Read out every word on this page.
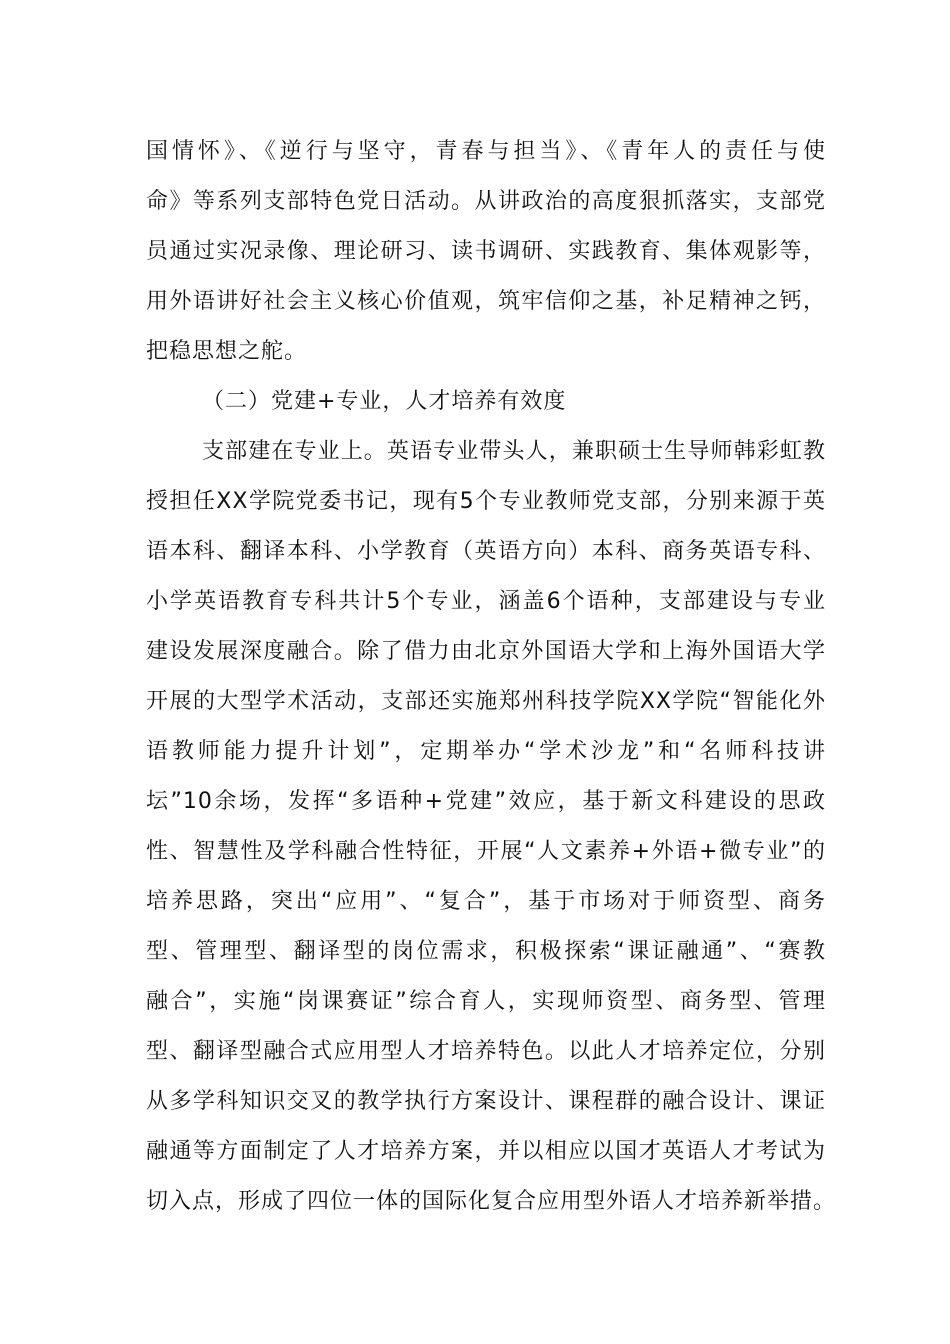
国情怀》、《逆行与坚守，青春与担当》、《青年人的责任与使
命》等系列支部特色党日活动。从讲政治的高度狠抓落实，支部党
员通过实况录像、理论研习、读书调研、实践教育、集体观影等，
用外语讲好社会主义核心价值观，筑牢信仰之基，补足精神之钙，
把稳思想之舵。
（二）党建+专业，人才培养有效度
支部建在专业上。英语专业带头人，兼职硕士生导师韩彩虹教
授担任XX学院党委书记，现有5个专业教师党支部，分别来源于英
语本科、翻译本科、小学教育（英语方向）本科、商务英语专科、
小学英语教育专科共计5个专业，涵盖6个语种，支部建设与专业
建设发展深度融合。除了借力由北京外国语大学和上海外国语大学
开展的大型学术活动，支部还实施郑州科技学院XX学院“智能化外
语教师能力提升计划”，定期举办“学术沙龙”和“名师科技讲
坛”10余场，发挥“多语种+党建”效应，基于新文科建设的思政
性、智慧性及学科融合性特征，开展“人文素养+外语+微专业”的
培养思路，突出“应用”、“复合”，基于市场对于师资型、商务
型、管理型、翻译型的岗位需求，积极探索“课证融通”、“赛教
融合”，实施“岗课赛证”综合育人，实现师资型、商务型、管理
型、翻译型融合式应用型人才培养特色。以此人才培养定位，分别
从多学科知识交叉的教学执行方案设计、课程群的融合设计、课证
融通等方面制定了人才培养方案，并以相应以国才英语人才考试为
切入点，形成了四位一体的国际化复合应用型外语人才培养新举措。
